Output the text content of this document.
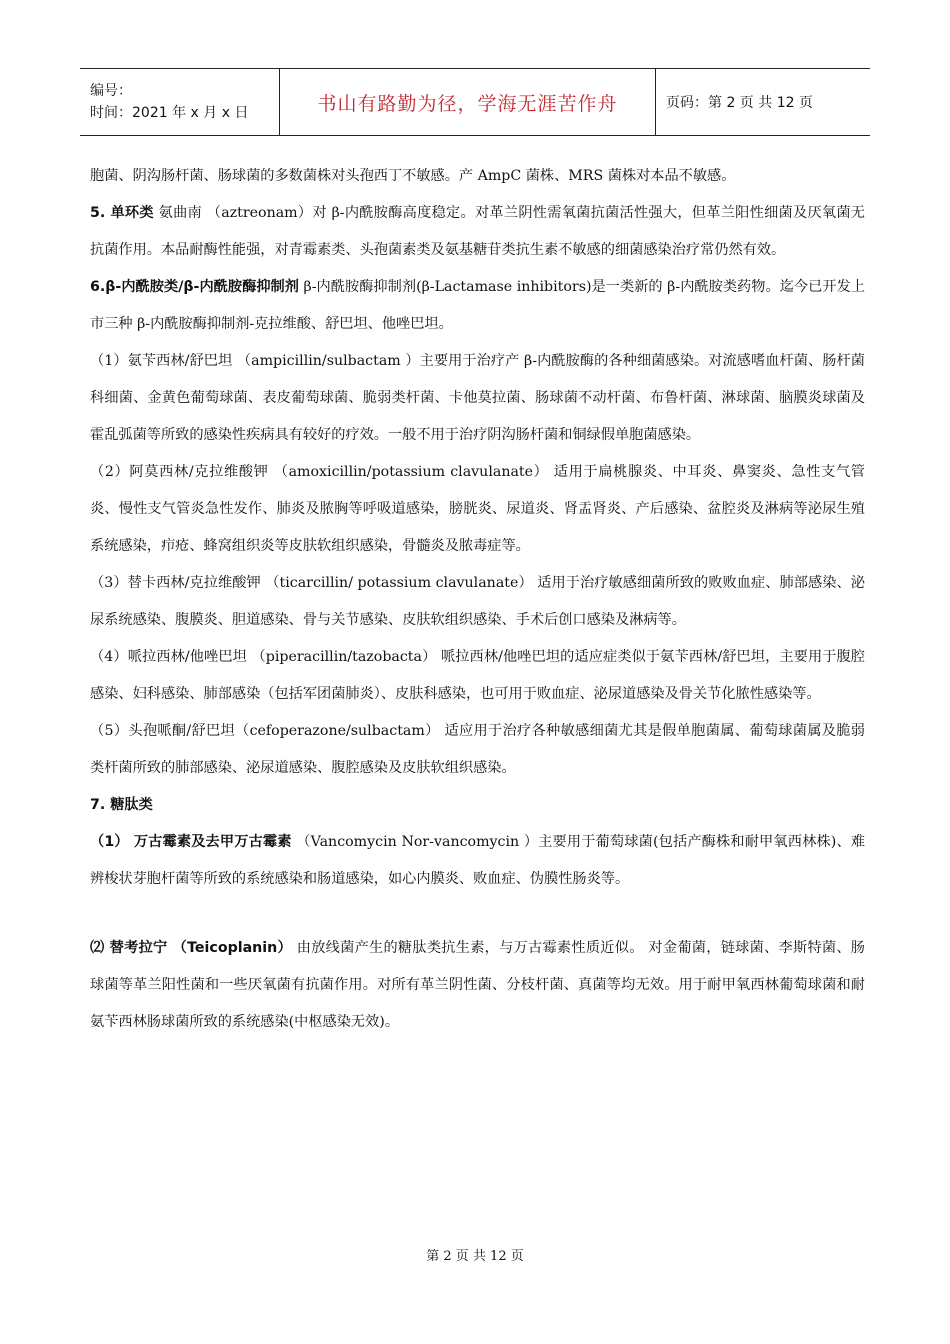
编号：
时间：2021 年 x 月 x 日	书山有路勤为径，学海无涯苦作舟	页码：第 2 页 共 12 页

胞菌、阴沟肠杆菌、肠球菌的多数菌株对头孢西丁不敏感。产 AmpC 菌株、MRS 菌株对本品不敏感。

5. 单环类 氨曲南 （aztreonam）对 β-内酰胺酶高度稳定。对革兰阴性需氧菌抗菌活性强大，但革兰阳性细菌及厌氧菌无抗菌作用。本品耐酶性能强，对青霉素类、头孢菌素类及氨基糖苷类抗生素不敏感的细菌感染治疗常仍然有效。

6.β-内酰胺类/β-内酰胺酶抑制剂 β-内酰胺酶抑制剂(β-Lactamase inhibitors)是一类新的 β-内酰胺类药物。迄今已开发上市三种 β-内酰胺酶抑制剂-克拉维酸、舒巴坦、他唑巴坦。

（1）氨苄西林/舒巴坦 （ampicillin/sulbactam ）主要用于治疗产 β-内酰胺酶的各种细菌感染。对流感嗜血杆菌、肠杆菌科细菌、金黄色葡萄球菌、表皮葡萄球菌、脆弱类杆菌、卡他莫拉菌、肠球菌不动杆菌、布鲁杆菌、淋球菌、脑膜炎球菌及霍乱弧菌等所致的感染性疾病具有较好的疗效。一般不用于治疗阴沟肠杆菌和铜绿假单胞菌感染。

（2）阿莫西林/克拉维酸钾 （amoxicillin/potassium clavulanate） 适用于扁桃腺炎、中耳炎、鼻窦炎、急性支气管炎、慢性支气管炎急性发作、肺炎及脓胸等呼吸道感染，膀胱炎、尿道炎、肾盂肾炎、产后感染、盆腔炎及淋病等泌尿生殖系统感染，疖疮、蜂窝组织炎等皮肤软组织感染，骨髓炎及脓毒症等。

（3）替卡西林/克拉维酸钾 （ticarcillin/ potassium clavulanate） 适用于治疗敏感细菌所致的败败血症、肺部感染、泌尿系统感染、腹膜炎、胆道感染、骨与关节感染、皮肤软组织感染、手术后创口感染及淋病等。

（4）哌拉西林/他唑巴坦 （piperacillin/tazobacta） 哌拉西林/他唑巴坦的适应症类似于氨苄西林/舒巴坦，主要用于腹腔感染、妇科感染、肺部感染（包括军团菌肺炎）、皮肤科感染，也可用于败血症、泌尿道感染及骨关节化脓性感染等。

（5）头孢哌酮/舒巴坦（cefoperazone/sulbactam） 适应用于治疗各种敏感细菌尤其是假单胞菌属、葡萄球菌属及脆弱类杆菌所致的肺部感染、泌尿道感染、腹腔感染及皮肤软组织感染。

7. 糖肽类

（1） 万古霉素及去甲万古霉素 （Vancomycin Nor-vancomycin ）主要用于葡萄球菌(包括产酶株和耐甲氧西林株)、难辨梭状芽胞杆菌等所致的系统感染和肠道感染，如心内膜炎、败血症、伪膜性肠炎等。

⑵ 替考拉宁 （Teicoplanin） 由放线菌产生的糖肽类抗生素，与万古霉素性质近似。 对金葡菌，链球菌、李斯特菌、肠球菌等革兰阳性菌和一些厌氧菌有抗菌作用。对所有革兰阴性菌、分枝杆菌、真菌等均无效。用于耐甲氧西林葡萄球菌和耐氨苄西林肠球菌所致的系统感染(中枢感染无效)。

第 2 页 共 12 页
